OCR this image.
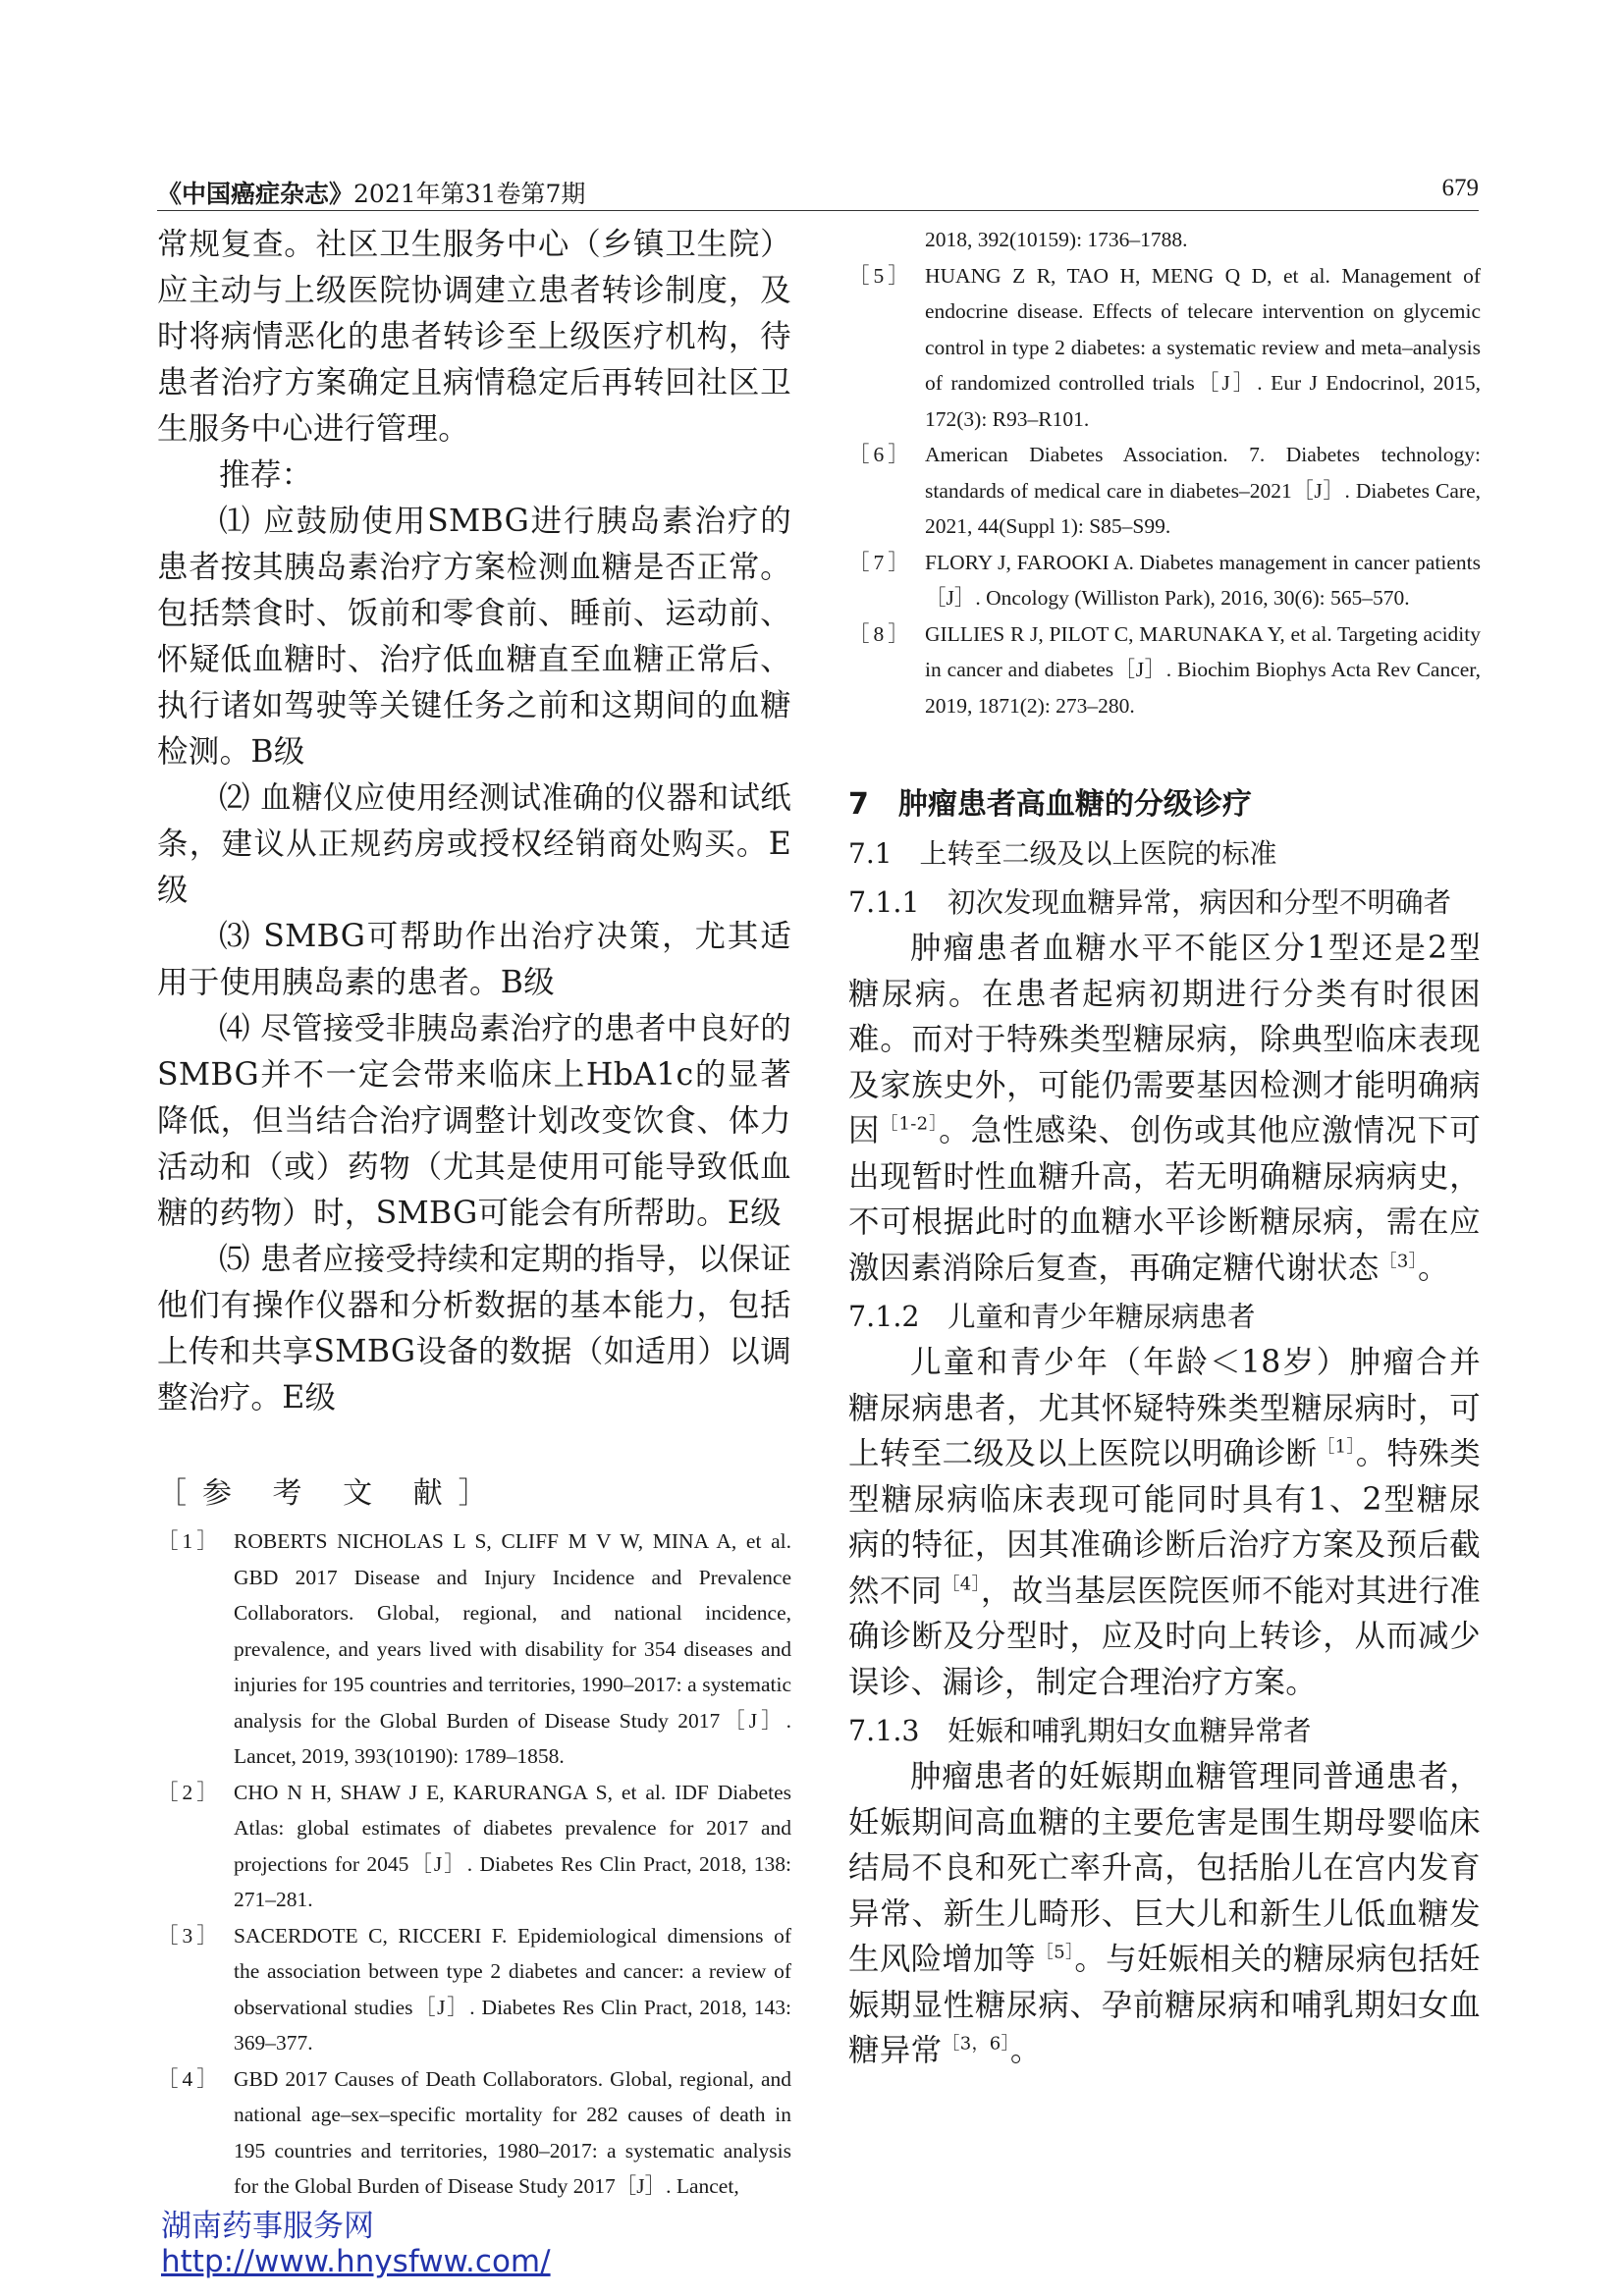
《中国癌症杂志》2021年第31卷第7期	679

常规复查。社区卫生服务中心（乡镇卫生院）应主动与上级医院协调建立患者转诊制度，及时将病情恶化的患者转诊至上级医疗机构，待患者治疗方案确定且病情稳定后再转回社区卫生服务中心进行管理。

推荐：

⑴ 应鼓励使用SMBG进行胰岛素治疗的患者按其胰岛素治疗方案检测血糖是否正常。包括禁食时、饭前和零食前、睡前、运动前、怀疑低血糖时、治疗低血糖直至血糖正常后、执行诸如驾驶等关键任务之前和这期间的血糖检测。B级

⑵ 血糖仪应使用经测试准确的仪器和试纸条，建议从正规药房或授权经销商处购买。E级

⑶ SMBG可帮助作出治疗决策，尤其适用于使用胰岛素的患者。B级

⑷ 尽管接受非胰岛素治疗的患者中良好的SMBG并不一定会带来临床上HbA1c的显著降低，但当结合治疗调整计划改变饮食、体力活动和（或）药物（尤其是使用可能导致低血糖的药物）时，SMBG可能会有所帮助。E级

⑸ 患者应接受持续和定期的指导，以保证他们有操作仪器和分析数据的基本能力，包括上传和共享SMBG设备的数据（如适用）以调整治疗。E级

［参 考 文 献］
［1］ ROBERTS NICHOLAS L S, CLIFF M V W, MINA A, et al. GBD 2017 Disease and Injury Incidence and Prevalence Collaborators. Global, regional, and national incidence, prevalence, and years lived with disability for 354 diseases and injuries for 195 countries and territories, 1990–2017: a systematic analysis for the Global Burden of Disease Study 2017［J］. Lancet, 2019, 393(10190): 1789–1858.
［2］ CHO N H, SHAW J E, KARURANGA S, et al. IDF Diabetes Atlas: global estimates of diabetes prevalence for 2017 and projections for 2045［J］. Diabetes Res Clin Pract, 2018, 138: 271–281.
［3］ SACERDOTE C, RICCERI F. Epidemiological dimensions of the association between type 2 diabetes and cancer: a review of observational studies［J］. Diabetes Res Clin Pract, 2018, 143: 369–377.
［4］ GBD 2017 Causes of Death Collaborators. Global, regional, and national age–sex–specific mortality for 282 causes of death in 195 countries and territories, 1980–2017: a systematic analysis for the Global Burden of Disease Study 2017［J］. Lancet,
2018, 392(10159): 1736–1788.
［5］ HUANG Z R, TAO H, MENG Q D, et al. Management of endocrine disease. Effects of telecare intervention on glycemic control in type 2 diabetes: a systematic review and meta–analysis of randomized controlled trials［J］. Eur J Endocrinol, 2015, 172(3): R93–R101.
［6］ American Diabetes Association. 7. Diabetes technology: standards of medical care in diabetes–2021［J］. Diabetes Care, 2021, 44(Suppl 1): S85–S99.
［7］ FLORY J, FAROOKI A. Diabetes management in cancer patients［J］. Oncology (Williston Park), 2016, 30(6): 565–570.
［8］ GILLIES R J, PILOT C, MARUNAKA Y, et al. Targeting acidity in cancer and diabetes［J］. Biochim Biophys Acta Rev Cancer, 2019, 1871(2): 273–280.
7　肿瘤患者高血糖的分级诊疗
7.1　上转至二级及以上医院的标准
7.1.1　初次发现血糖异常，病因和分型不明确者

肿瘤患者血糖水平不能区分1型还是2型糖尿病。在患者起病初期进行分类有时很困难。而对于特殊类型糖尿病，除典型临床表现及家族史外，可能仍需要基因检测才能明确病因$^{[1-2]}$。急性感染、创伤或其他应激情况下可出现暂时性血糖升高，若无明确糖尿病病史，不可根据此时的血糖水平诊断糖尿病，需在应激因素消除后复查，再确定糖代谢状态$^{[3]}$。

7.1.2　儿童和青少年糖尿病患者

儿童和青少年（年龄＜18岁）肿瘤合并糖尿病患者，尤其怀疑特殊类型糖尿病时，可上转至二级及以上医院以明确诊断$^{[1]}$。特殊类型糖尿病临床表现可能同时具有1、2型糖尿病的特征，因其准确诊断后治疗方案及预后截然不同$^{[4]}$，故当基层医院医师不能对其进行准确诊断及分型时，应及时向上转诊，从而减少误诊、漏诊，制定合理治疗方案。

7.1.3　妊娠和哺乳期妇女血糖异常者

肿瘤患者的妊娠期血糖管理同普通患者，妊娠期间高血糖的主要危害是围生期母婴临床结局不良和死亡率升高，包括胎儿在宫内发育异常、新生儿畸形、巨大儿和新生儿低血糖发生风险增加等$^{[5]}$。与妊娠相关的糖尿病包括妊娠期显性糖尿病、孕前糖尿病和哺乳期妇女血糖异常$^{[3,6]}$。

湖南药事服务网
http://www.hnysfww.com/
